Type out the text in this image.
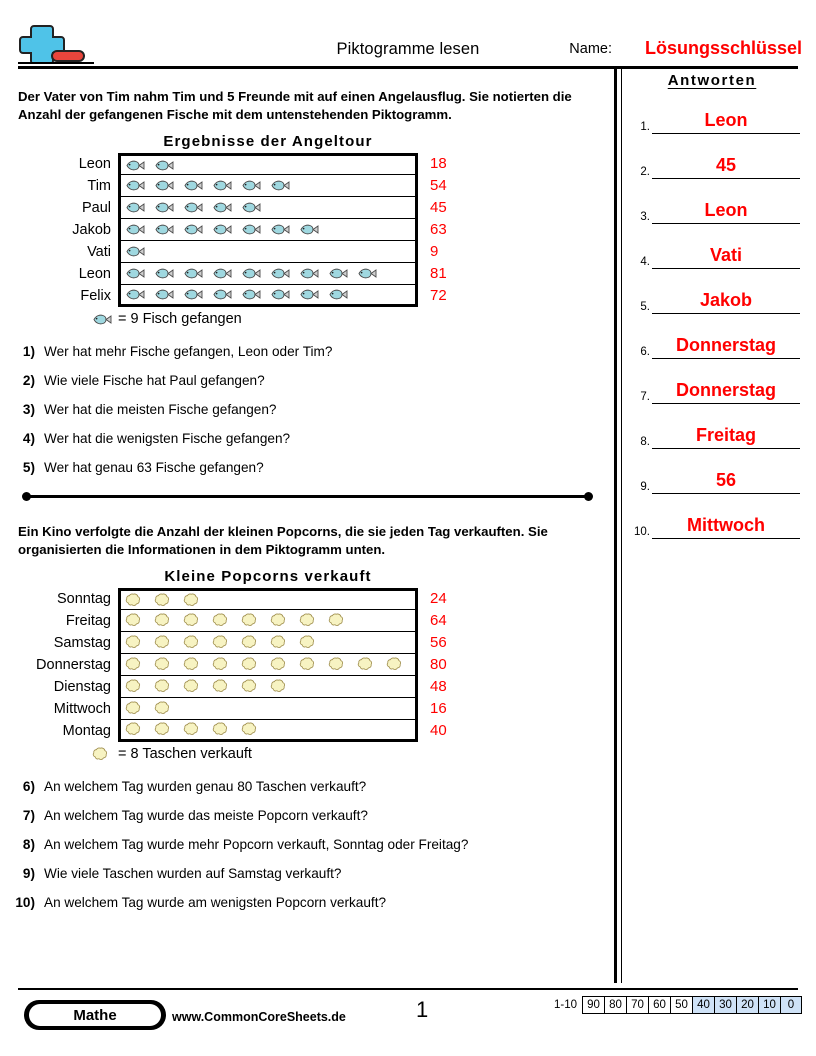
Piktogramme lesen	Name: Lösungsschlüssel
Antworten
1.	Leon
2.	45
3.	Leon
4.	Vati
5.	Jakob
6.	Donnerstag
7.	Donnerstag
8.	Freitag
9.	56
10.	Mittwoch
Der Vater von Tim nahm Tim und 5 Freunde mit auf einen Angelausflug. Sie notierten die Anzahl der gefangenen Fische mit dem untenstehenden Piktogramm.
Ergebnisse der Angeltour
Leon	18
Tim	54
Paul	45
Jakob	63
Vati	9
Leon	81
Felix	72
= 9 Fisch gefangen
1) Wer hat mehr Fische gefangen, Leon oder Tim?
2) Wie viele Fische hat Paul gefangen?
3) Wer hat die meisten Fische gefangen?
4) Wer hat die wenigsten Fische gefangen?
5) Wer hat genau 63 Fische gefangen?
Ein Kino verfolgte die Anzahl der kleinen Popcorns, die sie jeden Tag verkauften. Sie organisierten die Informationen in dem Piktogramm unten.
Kleine Popcorns verkauft
Sonntag	24
Freitag	64
Samstag	56
Donnerstag	80
Dienstag	48
Mittwoch	16
Montag	40
= 8 Taschen verkauft
6) An welchem Tag wurden genau 80 Taschen verkauft?
7) An welchem Tag wurde das meiste Popcorn verkauft?
8) An welchem Tag wurde mehr Popcorn verkauft, Sonntag oder Freitag?
9) Wie viele Taschen wurden auf Samstag verkauft?
10) An welchem Tag wurde am wenigsten Popcorn verkauft?
Mathe	www.CommonCoreSheets.de	1	1-10 90 80 70 60 50 40 30 20 10	0
